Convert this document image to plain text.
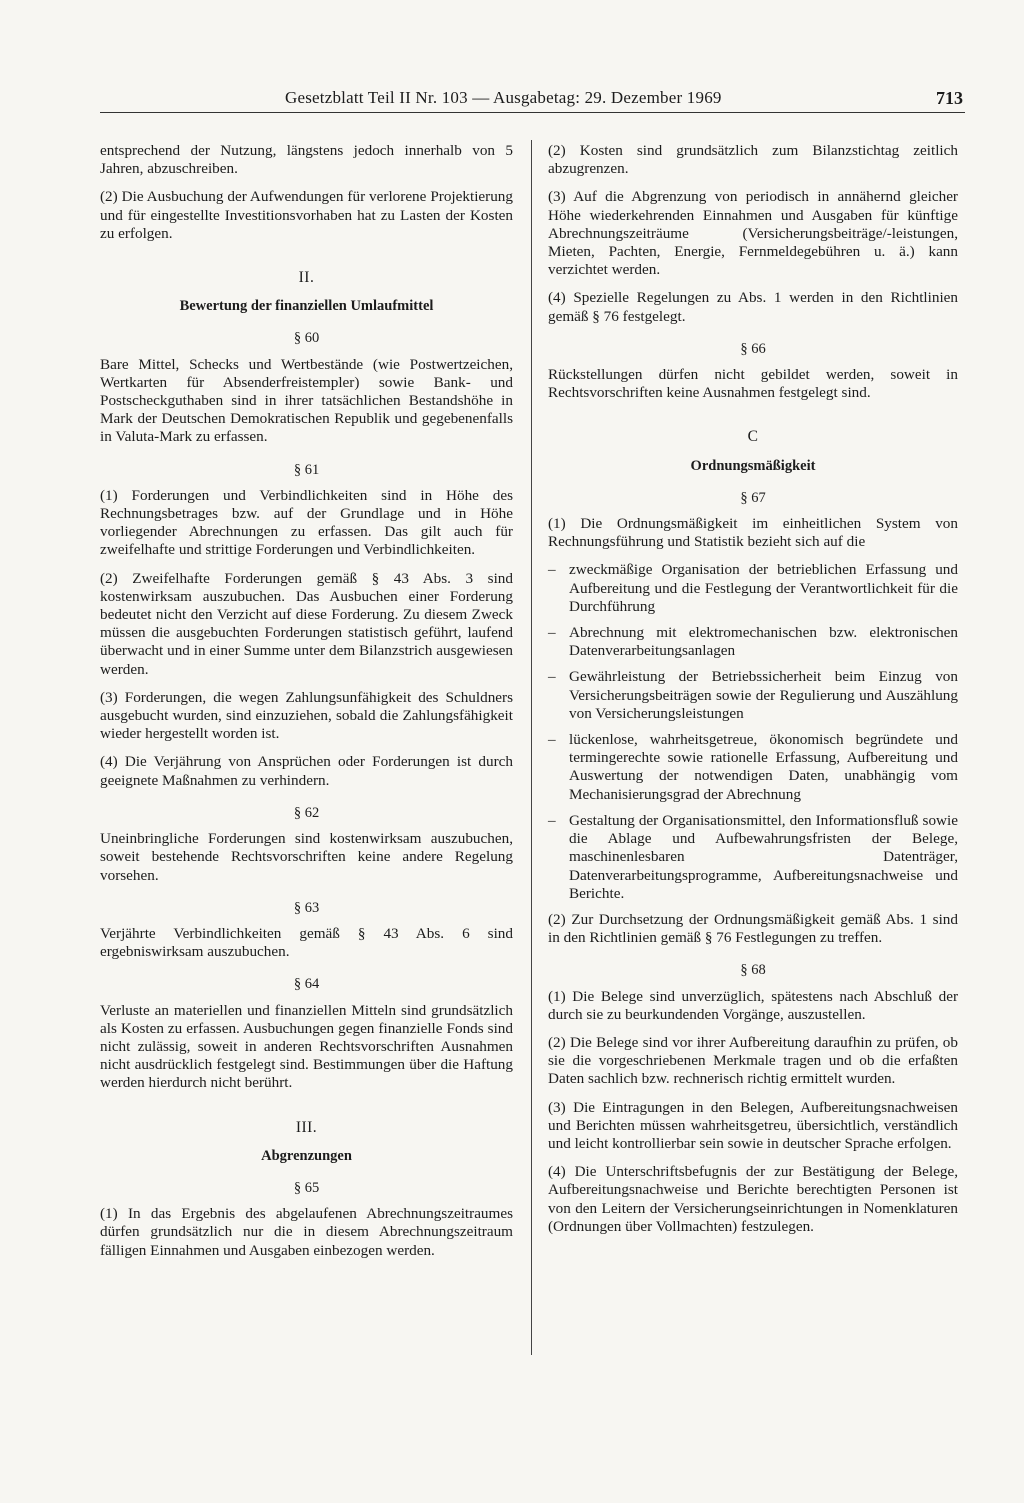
Gesetzblatt Teil II Nr. 103 — Ausgabetag: 29. Dezember 1969	713

entsprechend der Nutzung, längstens jedoch innerhalb von 5 Jahren, abzuschreiben.

(2) Die Ausbuchung der Aufwendungen für verlorene Projektierung und für eingestellte Investitionsvorhaben hat zu Lasten der Kosten zu erfolgen.

II.
Bewertung der finanziellen Umlaufmittel
§ 60

Bare Mittel, Schecks und Wertbestände (wie Postwertzeichen, Wertkarten für Absenderfreistempler) sowie Bank- und Postscheckguthaben sind in ihrer tatsächlichen Bestandshöhe in Mark der Deutschen Demokratischen Republik und gegebenenfalls in Valuta-Mark zu erfassen.

§ 61

(1) Forderungen und Verbindlichkeiten sind in Höhe des Rechnungsbetrages bzw. auf der Grundlage und in Höhe vorliegender Abrechnungen zu erfassen. Das gilt auch für zweifelhafte und strittige Forderungen und Verbindlichkeiten.

(2) Zweifelhafte Forderungen gemäß § 43 Abs. 3 sind kostenwirksam auszubuchen. Das Ausbuchen einer Forderung bedeutet nicht den Verzicht auf diese Forderung. Zu diesem Zweck müssen die ausgebuchten Forderungen statistisch geführt, laufend überwacht und in einer Summe unter dem Bilanzstrich ausgewiesen werden.

(3) Forderungen, die wegen Zahlungsunfähigkeit des Schuldners ausgebucht wurden, sind einzuziehen, sobald die Zahlungsfähigkeit wieder hergestellt worden ist.

(4) Die Verjährung von Ansprüchen oder Forderungen ist durch geeignete Maßnahmen zu verhindern.

§ 62

Uneinbringliche Forderungen sind kostenwirksam auszubuchen, soweit bestehende Rechtsvorschriften keine andere Regelung vorsehen.

§ 63

Verjährte Verbindlichkeiten gemäß § 43 Abs. 6 sind ergebniswirksam auszubuchen.

§ 64

Verluste an materiellen und finanziellen Mitteln sind grundsätzlich als Kosten zu erfassen. Ausbuchungen gegen finanzielle Fonds sind nicht zulässig, soweit in anderen Rechtsvorschriften Ausnahmen nicht ausdrücklich festgelegt sind. Bestimmungen über die Haftung werden hierdurch nicht berührt.

III.
Abgrenzungen
§ 65

(1) In das Ergebnis des abgelaufenen Abrechnungszeitraumes dürfen grundsätzlich nur die in diesem Abrechnungszeitraum fälligen Einnahmen und Ausgaben einbezogen werden.

(2) Kosten sind grundsätzlich zum Bilanzstichtag zeitlich abzugrenzen.

(3) Auf die Abgrenzung von periodisch in annähernd gleicher Höhe wiederkehrenden Einnahmen und Ausgaben für künftige Abrechnungszeiträume (Versicherungsbeiträge/-leistungen, Mieten, Pachten, Energie, Fernmeldegebühren u. ä.) kann verzichtet werden.

(4) Spezielle Regelungen zu Abs. 1 werden in den Richtlinien gemäß § 76 festgelegt.

§ 66

Rückstellungen dürfen nicht gebildet werden, soweit in Rechtsvorschriften keine Ausnahmen festgelegt sind.

C
Ordnungsmäßigkeit
§ 67

(1) Die Ordnungsmäßigkeit im einheitlichen System von Rechnungsführung und Statistik bezieht sich auf die

– zweckmäßige Organisation der betrieblichen Erfassung und Aufbereitung und die Festlegung der Verantwortlichkeit für die Durchführung
– Abrechnung mit elektromechanischen bzw. elektronischen Datenverarbeitungsanlagen
– Gewährleistung der Betriebssicherheit beim Einzug von Versicherungsbeiträgen sowie der Regulierung und Auszählung von Versicherungsleistungen
– lückenlose, wahrheitsgetreue, ökonomisch begründete und termingerechte sowie rationelle Erfassung, Aufbereitung und Auswertung der notwendigen Daten, unabhängig vom Mechanisierungsgrad der Abrechnung
– Gestaltung der Organisationsmittel, den Informationsfluß sowie die Ablage und Aufbewahrungsfristen der Belege, maschinenlesbaren Datenträger, Datenverarbeitungsprogramme, Aufbereitungsnachweise und Berichte.

(2) Zur Durchsetzung der Ordnungsmäßigkeit gemäß Abs. 1 sind in den Richtlinien gemäß § 76 Festlegungen zu treffen.

§ 68

(1) Die Belege sind unverzüglich, spätestens nach Abschluß der durch sie zu beurkundenden Vorgänge, auszustellen.

(2) Die Belege sind vor ihrer Aufbereitung daraufhin zu prüfen, ob sie die vorgeschriebenen Merkmale tragen und ob die erfaßten Daten sachlich bzw. rechnerisch richtig ermittelt wurden.

(3) Die Eintragungen in den Belegen, Aufbereitungsnachweisen und Berichten müssen wahrheitsgetreu, übersichtlich, verständlich und leicht kontrollierbar sein sowie in deutscher Sprache erfolgen.

(4) Die Unterschriftsbefugnis der zur Bestätigung der Belege, Aufbereitungsnachweise und Berichte berechtigten Personen ist von den Leitern der Versicherungseinrichtungen in Nomenklaturen (Ordnungen über Vollmachten) festzulegen.
